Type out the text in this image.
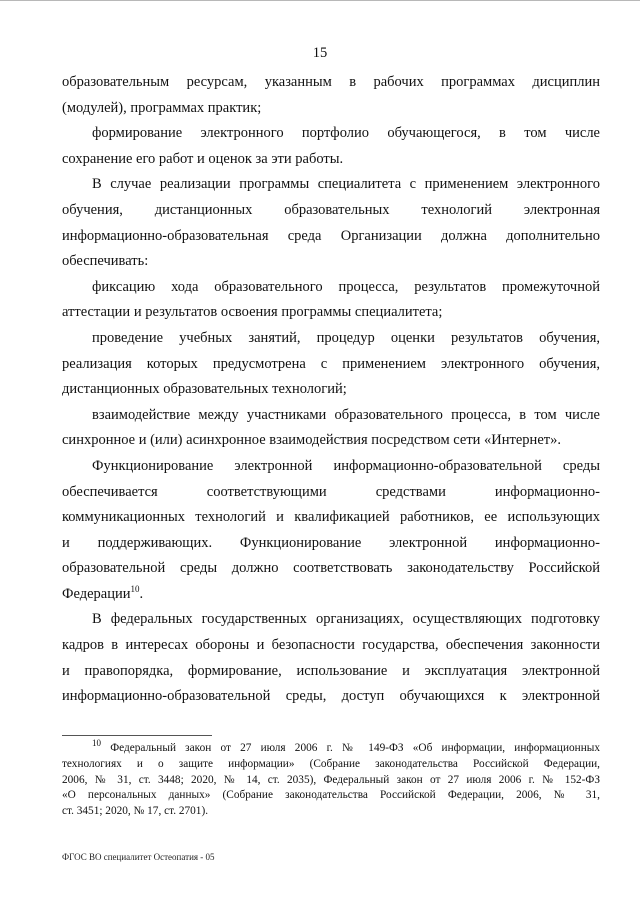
15
образовательным ресурсам, указанным в рабочих программах дисциплин
(модулей), программах практик;
формирование электронного портфолио обучающегося, в том числе
сохранение его работ и оценок за эти работы.
В случае реализации программы специалитета с применением электронного
обучения, дистанционных образовательных технологий электронная
информационно-образовательная среда Организации должна дополнительно
обеспечивать:
фиксацию хода образовательного процесса, результатов промежуточной
аттестации и результатов освоения программы специалитета;
проведение учебных занятий, процедур оценки результатов обучения,
реализация которых предусмотрена с применением электронного обучения,
дистанционных образовательных технологий;
взаимодействие между участниками образовательного процесса, в том числе
синхронное и (или) асинхронное взаимодействия посредством сети «Интернет».
Функционирование электронной информационно-образовательной среды
обеспечивается соответствующими средствами информационно-
коммуникационных технологий и квалификацией работников, ее использующих
и поддерживающих. Функционирование электронной информационно-
образовательной среды должно соответствовать законодательству Российской
Федерации$^{10}$.
В федеральных государственных организациях, осуществляющих подготовку
кадров в интересах обороны и безопасности государства, обеспечения законности
и правопорядка, формирование, использование и эксплуатация электронной
информационно-образовательной среды, доступ обучающихся к электронной
$^{10}$ Федеральный закон от 27 июля 2006 г. № 149-ФЗ «Об информации, информационных
технологиях и о защите информации» (Собрание законодательства Российской Федерации,
2006, № 31, ст. 3448; 2020, № 14, ст. 2035), Федеральный закон от 27 июля 2006 г. № 152-ФЗ
«О персональных данных» (Собрание законодательства Российской Федерации, 2006, № 31,
ст. 3451; 2020, № 17, ст. 2701).
ФГОС ВО специалитет Остеопатия - 05
